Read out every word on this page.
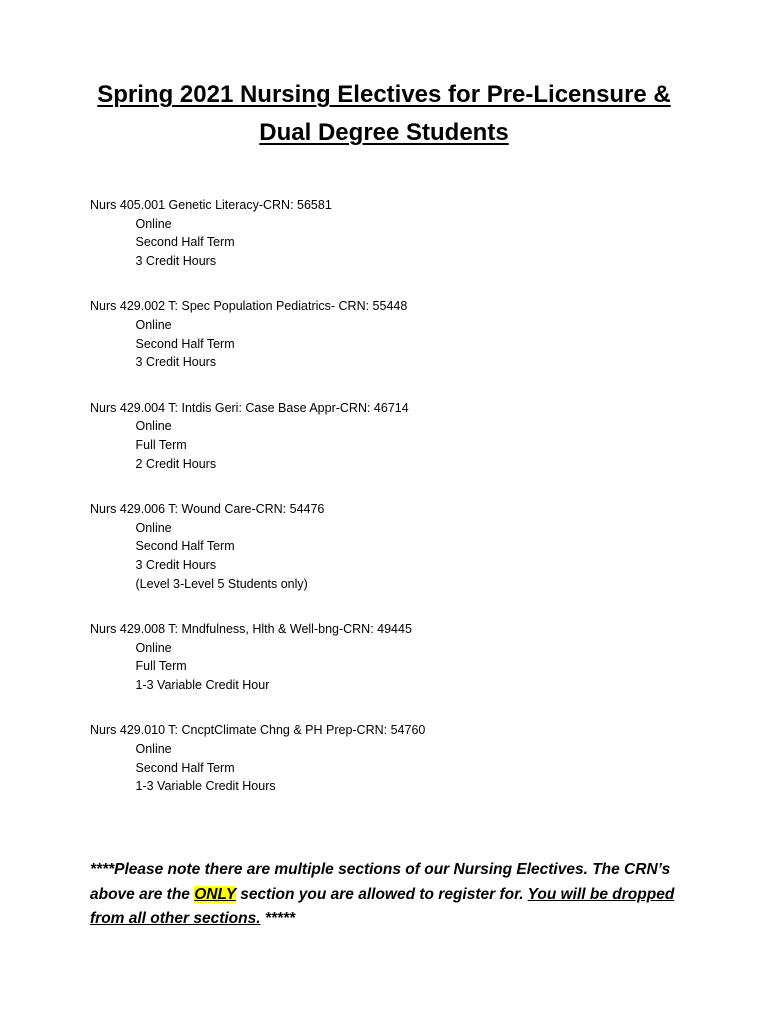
Spring 2021 Nursing Electives for Pre-Licensure &
Dual Degree Students
Nurs 405.001 Genetic Literacy-CRN: 56581
Online
Second Half Term
3 Credit Hours
Nurs 429.002 T: Spec Population Pediatrics- CRN: 55448
Online
Second Half Term
3 Credit Hours
Nurs 429.004 T: Intdis Geri: Case Base Appr-CRN: 46714
Online
Full Term
2 Credit Hours
Nurs 429.006 T: Wound Care-CRN: 54476
Online
Second Half Term
3 Credit Hours
(Level 3-Level 5 Students only)
Nurs 429.008 T: Mndfulness, Hlth & Well-bng-CRN: 49445
Online
Full Term
1-3 Variable Credit Hour
Nurs 429.010 T: CncptClimate Chng & PH Prep-CRN: 54760
Online
Second Half Term
1-3 Variable Credit Hours
****Please note there are multiple sections of our Nursing Electives. The CRN’s above are the ONLY section you are allowed to register for. You will be dropped from all other sections. *****
